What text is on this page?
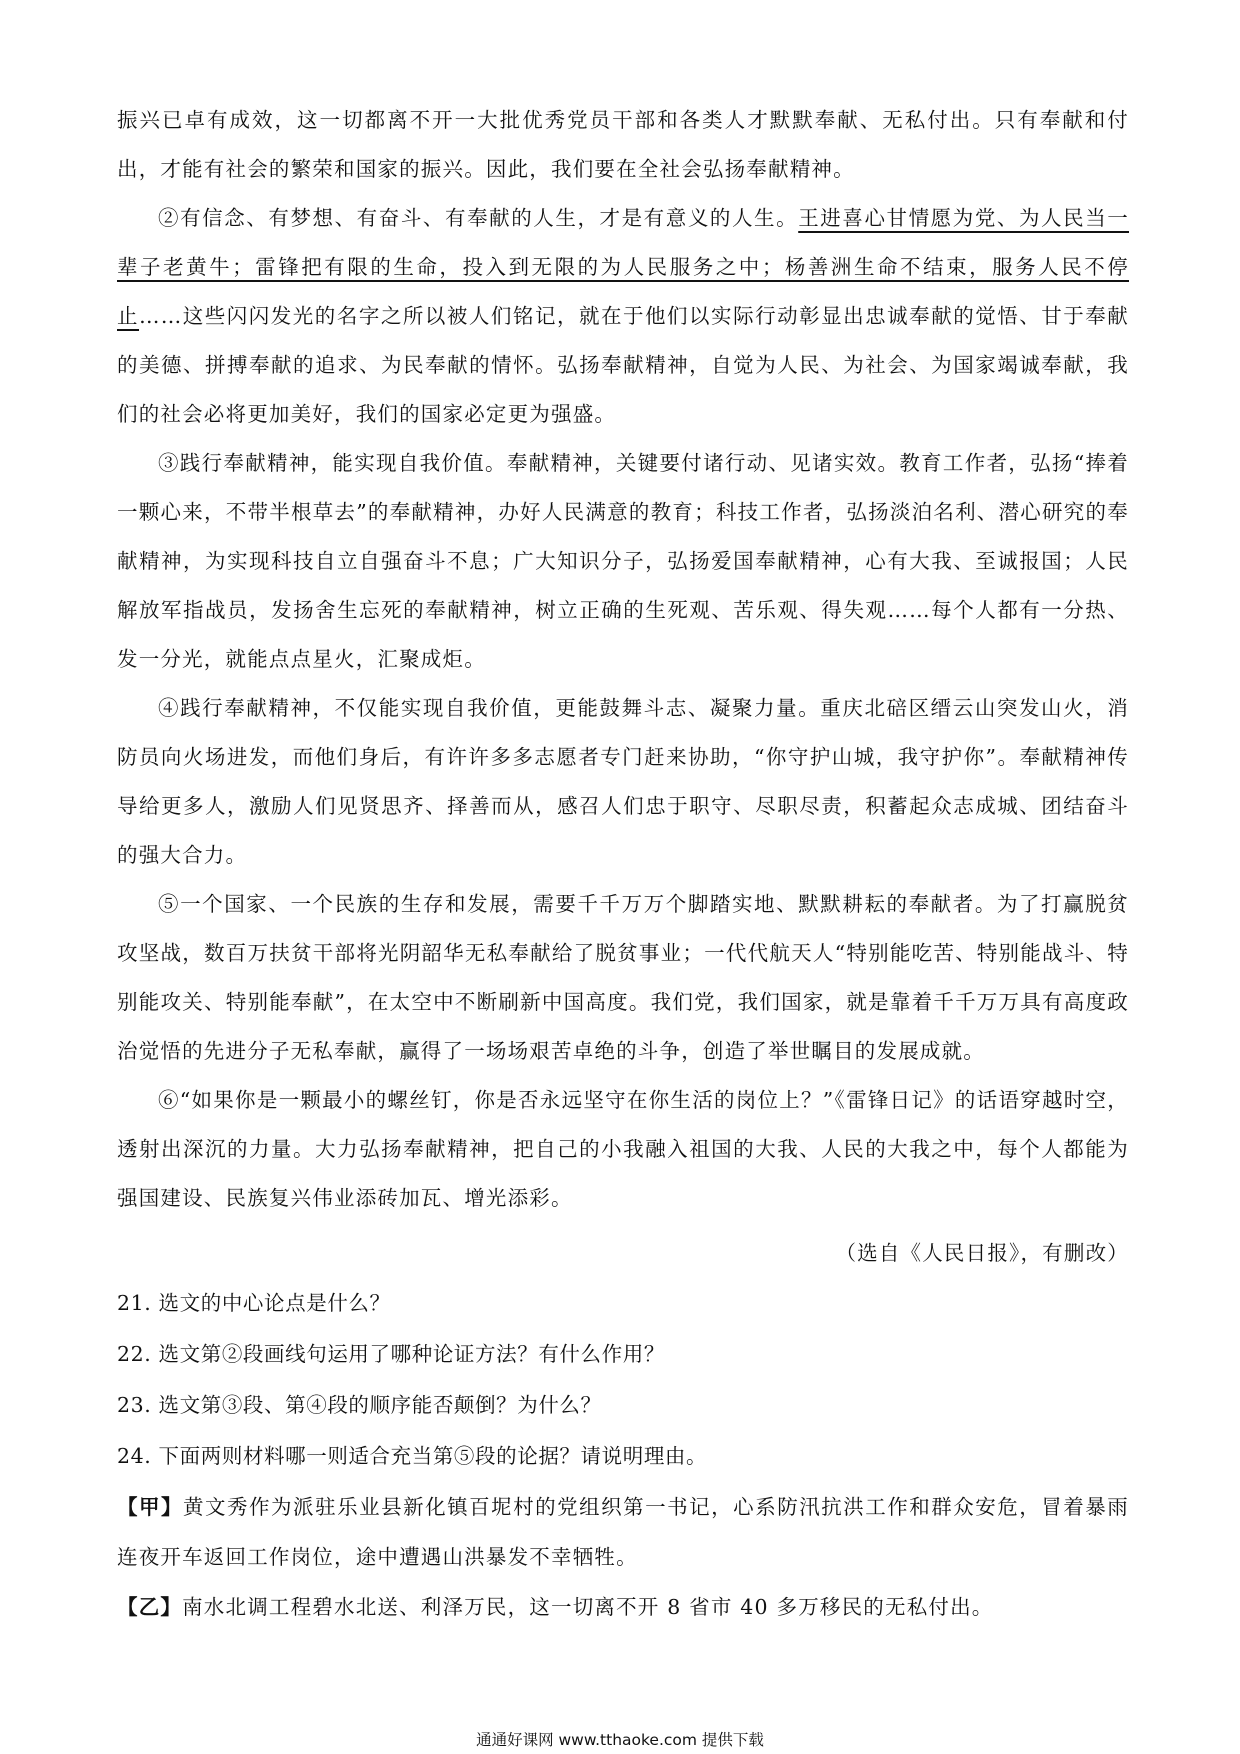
振兴已卓有成效，这一切都离不开一大批优秀党员干部和各类人才默默奉献、无私付出。只有奉献和付出，才能有社会的繁荣和国家的振兴。因此，我们要在全社会弘扬奉献精神。

②有信念、有梦想、有奋斗、有奉献的人生，才是有意义的人生。王进喜心甘情愿为党、为人民当一辈子老黄牛；雷锋把有限的生命，投入到无限的为人民服务之中；杨善洲生命不结束，服务人民不停止……这些闪闪发光的名字之所以被人们铭记，就在于他们以实际行动彰显出忠诚奉献的觉悟、甘于奉献的美德、拼搏奉献的追求、为民奉献的情怀。弘扬奉献精神，自觉为人民、为社会、为国家竭诚奉献，我们的社会必将更加美好，我们的国家必定更为强盛。

③践行奉献精神，能实现自我价值。奉献精神，关键要付诸行动、见诸实效。教育工作者，弘扬“捧着一颗心来，不带半根草去”的奉献精神，办好人民满意的教育；科技工作者，弘扬淡泊名利、潜心研究的奉献精神，为实现科技自立自强奋斗不息；广大知识分子，弘扬爱国奉献精神，心有大我、至诚报国；人民解放军指战员，发扬舍生忘死的奉献精神，树立正确的生死观、苦乐观、得失观……每个人都有一分热、发一分光，就能点点星火，汇聚成炬。

④践行奉献精神，不仅能实现自我价值，更能鼓舞斗志、凝聚力量。重庆北碚区缙云山突发山火，消防员向火场进发，而他们身后，有许许多多志愿者专门赶来协助，“你守护山城，我守护你”。奉献精神传导给更多人，激励人们见贤思齐、择善而从，感召人们忠于职守、尽职尽责，积蓄起众志成城、团结奋斗的强大合力。

⑤一个国家、一个民族的生存和发展，需要千千万万个脚踏实地、默默耕耘的奉献者。为了打赢脱贫攻坚战，数百万扶贫干部将光阴韶华无私奉献给了脱贫事业；一代代航天人“特别能吃苦、特别能战斗、特别能攻关、特别能奉献”，在太空中不断刷新中国高度。我们党，我们国家，就是靠着千千万万具有高度政治觉悟的先进分子无私奉献，赢得了一场场艰苦卓绝的斗争，创造了举世瞩目的发展成就。

⑥“如果你是一颗最小的螺丝钉，你是否永远坚守在你生活的岗位上？”《雷锋日记》的话语穿越时空，透射出深沉的力量。大力弘扬奉献精神，把自己的小我融入祖国的大我、人民的大我之中，每个人都能为强国建设、民族复兴伟业添砖加瓦、增光添彩。

（选自《人民日报》，有删改）

21. 选文的中心论点是什么？

22. 选文第②段画线句运用了哪种论证方法？有什么作用？

23. 选文第③段、第④段的顺序能否颠倒？为什么？

24. 下面两则材料哪一则适合充当第⑤段的论据？请说明理由。

【甲】黄文秀作为派驻乐业县新化镇百坭村的党组织第一书记，心系防汛抗洪工作和群众安危，冒着暴雨连夜开车返回工作岗位，途中遭遇山洪暴发不幸牺牲。

【乙】南水北调工程碧水北送、利泽万民，这一切离不开 8 省市 40 多万移民的无私付出。

通通好课网 www.tthaoke.com 提供下载
